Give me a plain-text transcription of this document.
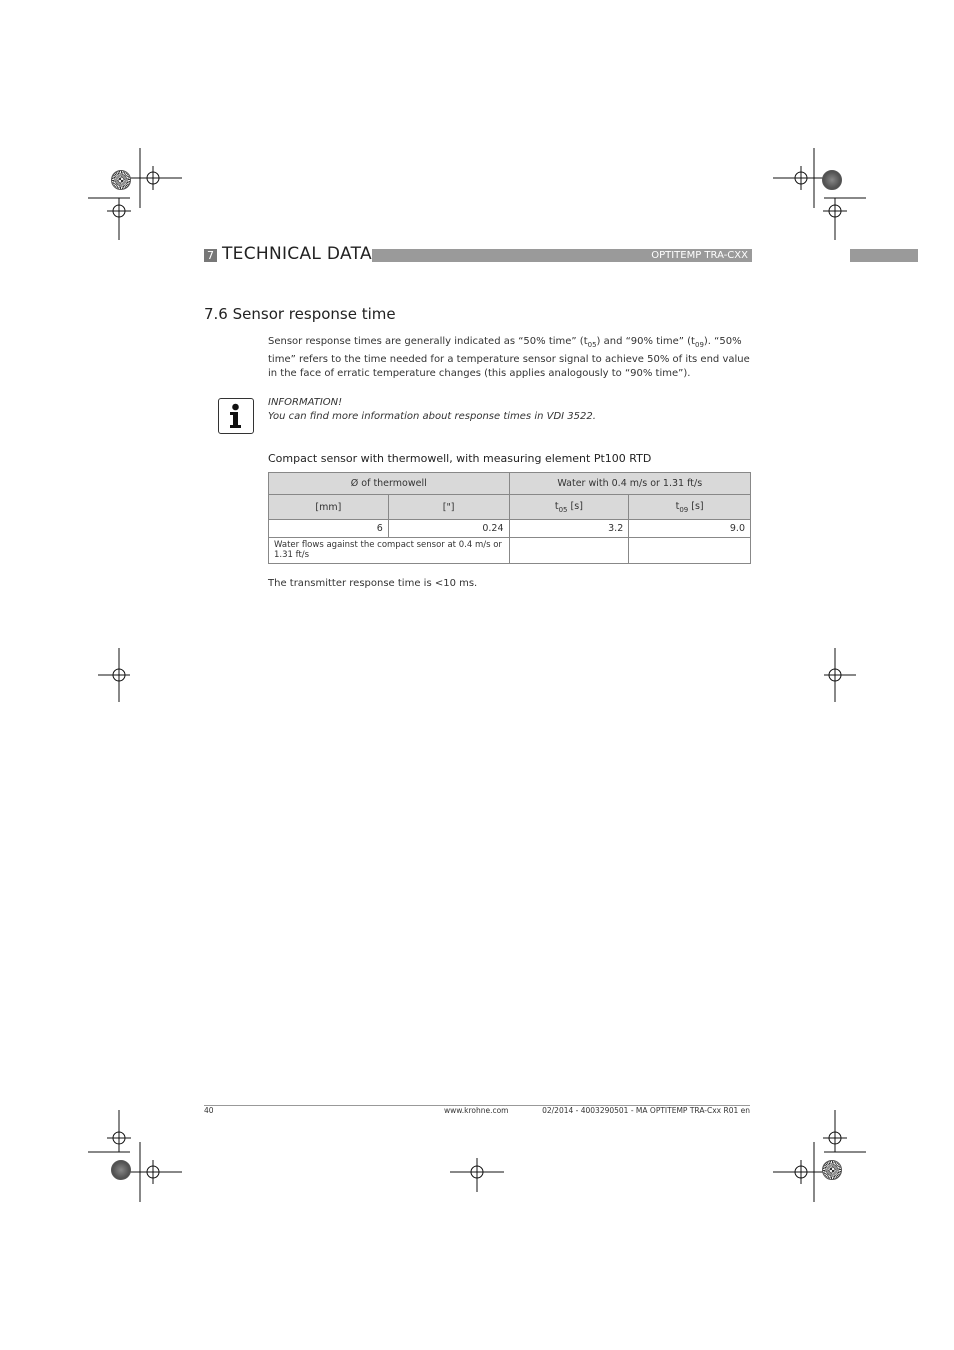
7 TECHNICAL DATA	OPTITEMP TRA-CXX
7.6 Sensor response time
Sensor response times are generally indicated as “50% time” $(t_{05})$ and “90% time” $(t_{09})$. “50% time” refers to the time needed for a temperature sensor signal to achieve 50% of its end value in the face of erratic temperature changes (this applies analogously to “90% time”).
INFORMATION!
You can find more information about response times in VDI 3522.
Compact sensor with thermowell, with measuring element Pt100 RTD
Ø of thermowell		Water with 0.4 m/s or 1.31 ft/s	
[mm]	["]	$t_{05}$ [s]	$t_{09}$ [s]
6	0.24	3.2	9.0
Water flows against the compact sensor at 0.4 m/s or 1.31 ft/s			
The transmitter response time is <10 ms.
40	www.krohne.com	02/2014 - 4003290501 - MA OPTITEMP TRA-Cxx R01 en
